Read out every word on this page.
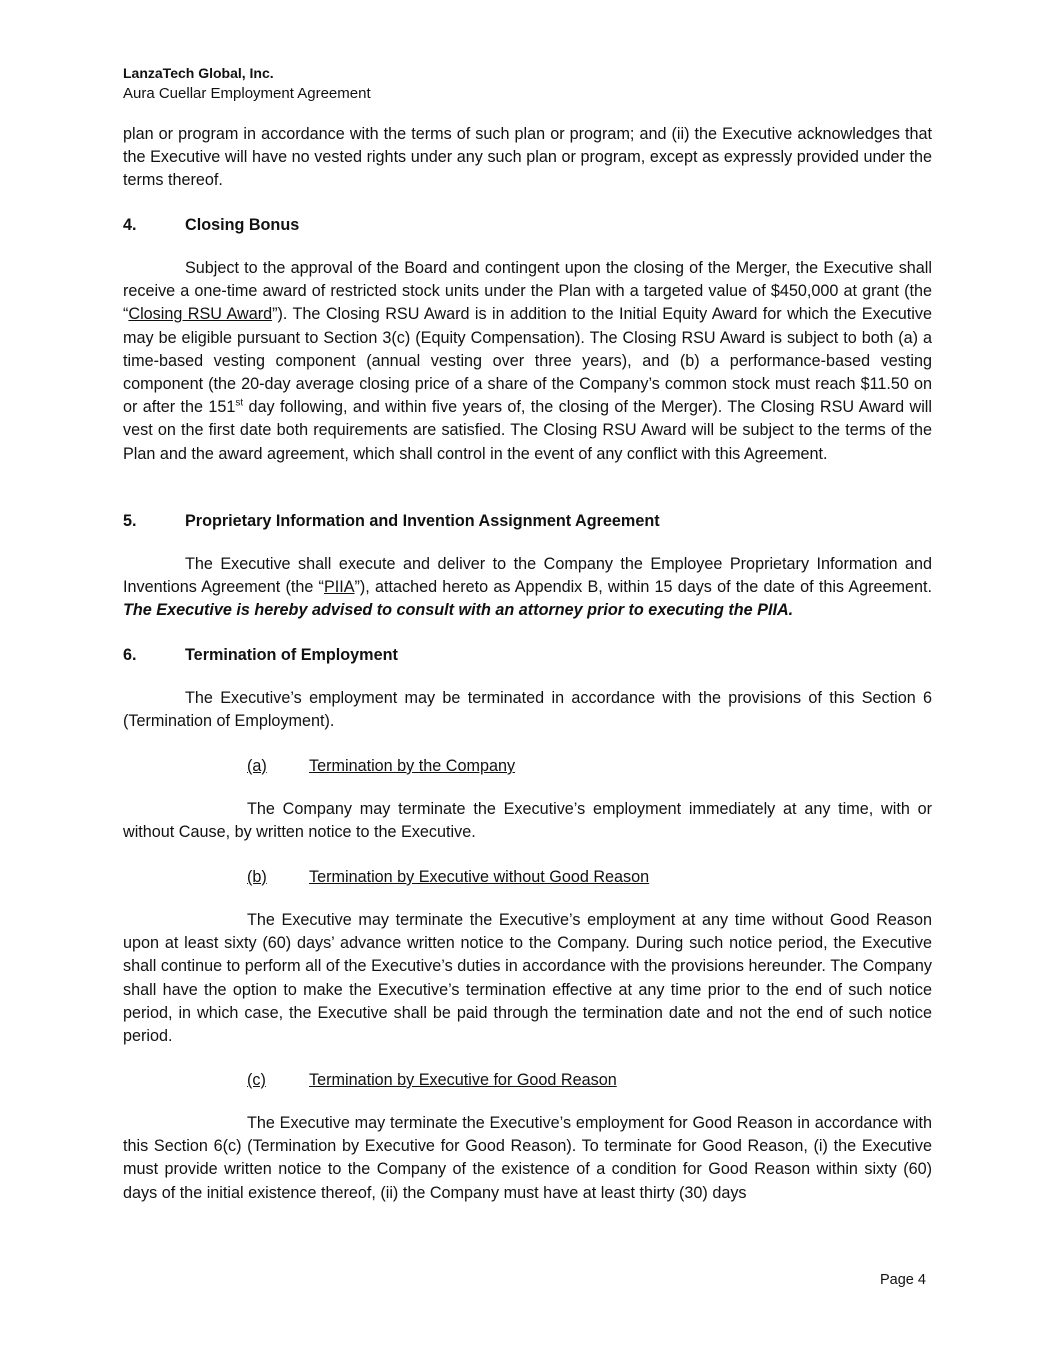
LanzaTech Global, Inc.
Aura Cuellar Employment Agreement

plan or program in accordance with the terms of such plan or program; and (ii) the Executive acknowledges that the Executive will have no vested rights under any such plan or program, except as expressly provided under the terms thereof.

4.	Closing Bonus

Subject to the approval of the Board and contingent upon the closing of the Merger, the Executive shall receive a one-time award of restricted stock units under the Plan with a targeted value of $450,000 at grant (the “Closing RSU Award”). The Closing RSU Award is in addition to the Initial Equity Award for which the Executive may be eligible pursuant to Section 3(c) (Equity Compensation). The Closing RSU Award is subject to both (a) a time-based vesting component (annual vesting over three years), and (b) a performance-based vesting component (the 20-day average closing price of a share of the Company’s common stock must reach $11.50 on or after the 151st day following, and within five years of, the closing of the Merger). The Closing RSU Award will vest on the first date both requirements are satisfied. The Closing RSU Award will be subject to the terms of the Plan and the award agreement, which shall control in the event of any conflict with this Agreement.

5.	Proprietary Information and Invention Assignment Agreement

The Executive shall execute and deliver to the Company the Employee Proprietary Information and Inventions Agreement (the “PIIA”), attached hereto as Appendix B, within 15 days of the date of this Agreement. The Executive is hereby advised to consult with an attorney prior to executing the PIIA.

6.	Termination of Employment

The Executive’s employment may be terminated in accordance with the provisions of this Section 6 (Termination of Employment).

(a)	Termination by the Company

The Company may terminate the Executive’s employment immediately at any time, with or without Cause, by written notice to the Executive.

(b)	Termination by Executive without Good Reason

The Executive may terminate the Executive’s employment at any time without Good Reason upon at least sixty (60) days’ advance written notice to the Company. During such notice period, the Executive shall continue to perform all of the Executive’s duties in accordance with the provisions hereunder. The Company shall have the option to make the Executive’s termination effective at any time prior to the end of such notice period, in which case, the Executive shall be paid through the termination date and not the end of such notice period.

(c)	Termination by Executive for Good Reason

The Executive may terminate the Executive’s employment for Good Reason in accordance with this Section 6(c) (Termination by Executive for Good Reason). To terminate for Good Reason, (i) the Executive must provide written notice to the Company of the existence of a condition for Good Reason within sixty (60) days of the initial existence thereof, (ii) the Company must have at least thirty (30) days

Page 4
